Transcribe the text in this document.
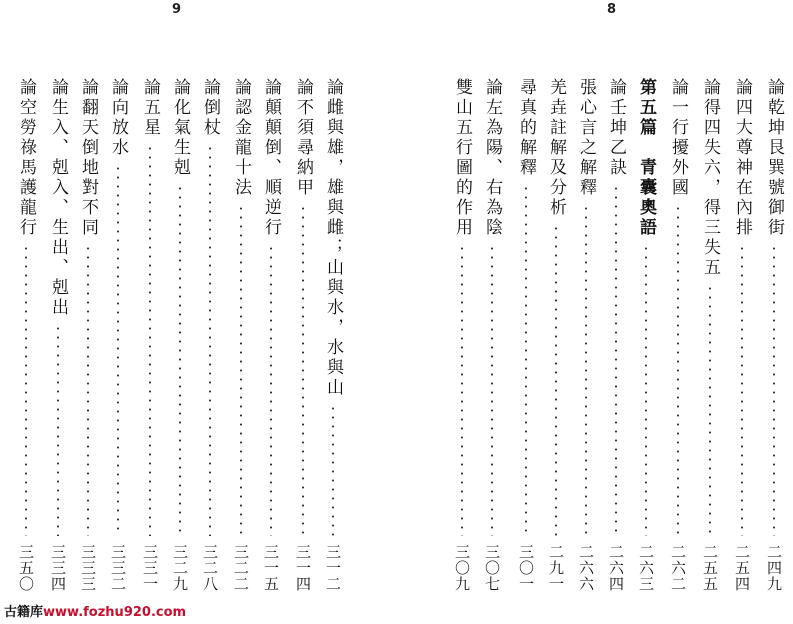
9	8
論乾坤艮巽號御街
二四九
論四大尊神在內排
二五四
論得四失六，得三失五
二五五
論一行擾外國
二六二
第五篇　青囊奧語
二六三
論壬坤乙訣
二六四
張心言之解釋
二六六
羌垚註解及分析
二九一
尋真的解釋
三〇一
論左為陽、右為陰
三〇七
雙山五行圖的作用
三〇九
論雌與雄，雄與雌；山與水，水與山
三一二
論不須尋納甲
三一四
論顛顛倒、順逆行
三一五
論認金龍十法
三二二
論倒杖
三二八
論化氣生剋
三二九
論五星
三三一
論向放水
三三二
論翻天倒地對不同
三三三
論生入、剋入、生出、剋出
三三四
論空勞祿馬護龍行
三五〇
古籍库www.fozhu920.com
